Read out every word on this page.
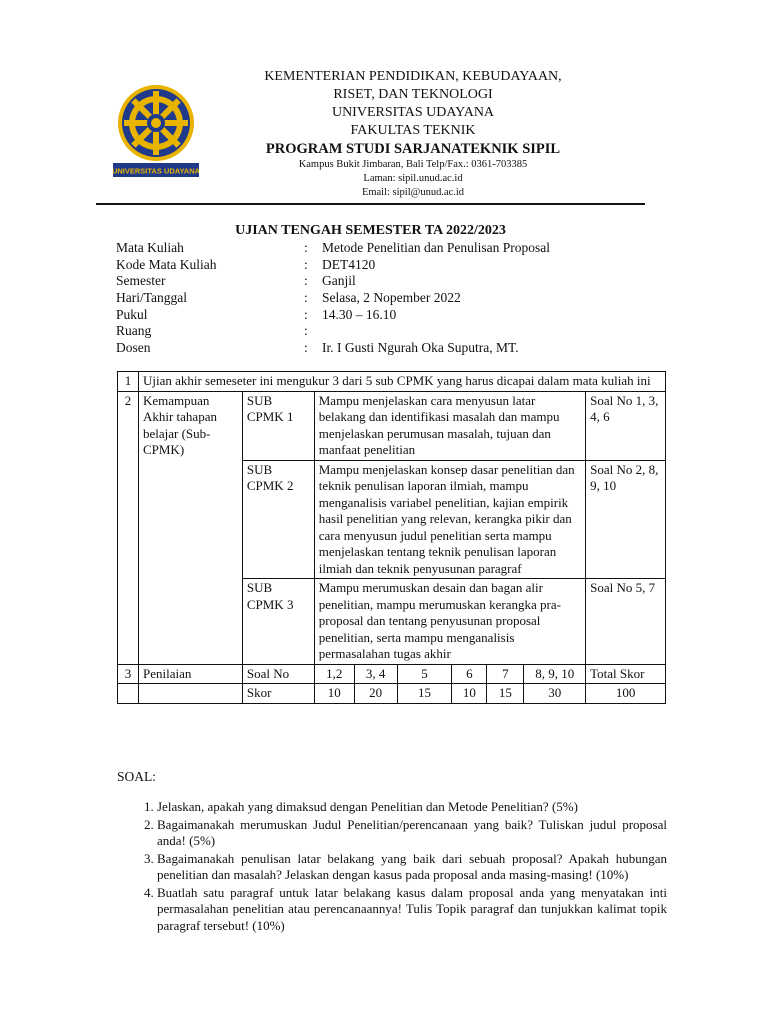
UNIVERSITAS UDAYANA
KEMENTERIAN PENDIDIKAN, KEBUDAYAAN,
RISET, DAN TEKNOLOGI
UNIVERSITAS UDAYANA
FAKULTAS TEKNIK
PROGRAM STUDI SARJANATEKNIK SIPIL
Kampus Bukit Jimbaran, Bali Telp/Fax.: 0361-703385
Laman: sipil.unud.ac.id
Email: sipil@unud.ac.id
UJIAN TENGAH SEMESTER TA 2022/2023
Mata Kuliah	: Metode Penelitian dan Penulisan Proposal
Kode Mata Kuliah	: DET4120
Semester	: Ganjil
Hari/Tanggal	: Selasa, 2 Nopember 2022
Pukul	: 14.30 – 16.10
Ruang	:
Dosen	: Ir. I Gusti Ngurah Oka Suputra, MT.
1	Ujian akhir semeseter ini mengukur 3 dari 5 sub CPMK yang harus dicapai dalam mata kuliah ini								
2	Kemampuan Akhir tahapan belajar (Sub-CPMK)	SUB CPMK 1	Mampu menjelaskan cara menyusun latar belakang dan identifikasi masalah dan mampu menjelaskan perumusan masalah, tujuan dan manfaat penelitian						Soal No 1, 3, 4, 6
		SUB CPMK 2	Mampu menjelaskan konsep dasar penelitian dan teknik penulisan laporan ilmiah, mampu menganalisis variabel penelitian, kajian empirik hasil penelitian yang relevan, kerangka pikir dan cara menyusun judul penelitian serta mampu menjelaskan tentang teknik penulisan laporan ilmiah dan teknik penyusunan paragraf						Soal No 2, 8, 9, 10
		SUB CPMK 3	Mampu merumuskan desain dan bagan alir penelitian, mampu merumuskan kerangka pra-proposal dan tentang penyusunan proposal penelitian, serta mampu menganalisis permasalahan tugas akhir						Soal No 5, 7
3	Penilaian	Soal No	1,2	3, 4	5	6	7	8, 9, 10	Total Skor
		Skor	10	20	15	10	15	30	100
SOAL:
1. Jelaskan, apakah yang dimaksud dengan Penelitian dan Metode Penelitian? (5%)
2. Bagaimanakah merumuskan Judul Penelitian/perencanaan yang baik? Tuliskan judul proposal anda! (5%)
3. Bagaimanakah penulisan latar belakang yang baik dari sebuah proposal? Apakah hubungan penelitian dan masalah? Jelaskan dengan kasus pada proposal anda masing-masing! (10%)
4. Buatlah satu paragraf untuk latar belakang kasus dalam proposal anda yang menyatakan inti permasalahan penelitian atau perencanaannya! Tulis Topik paragraf dan tunjukkan kalimat topik paragraf tersebut! (10%)
